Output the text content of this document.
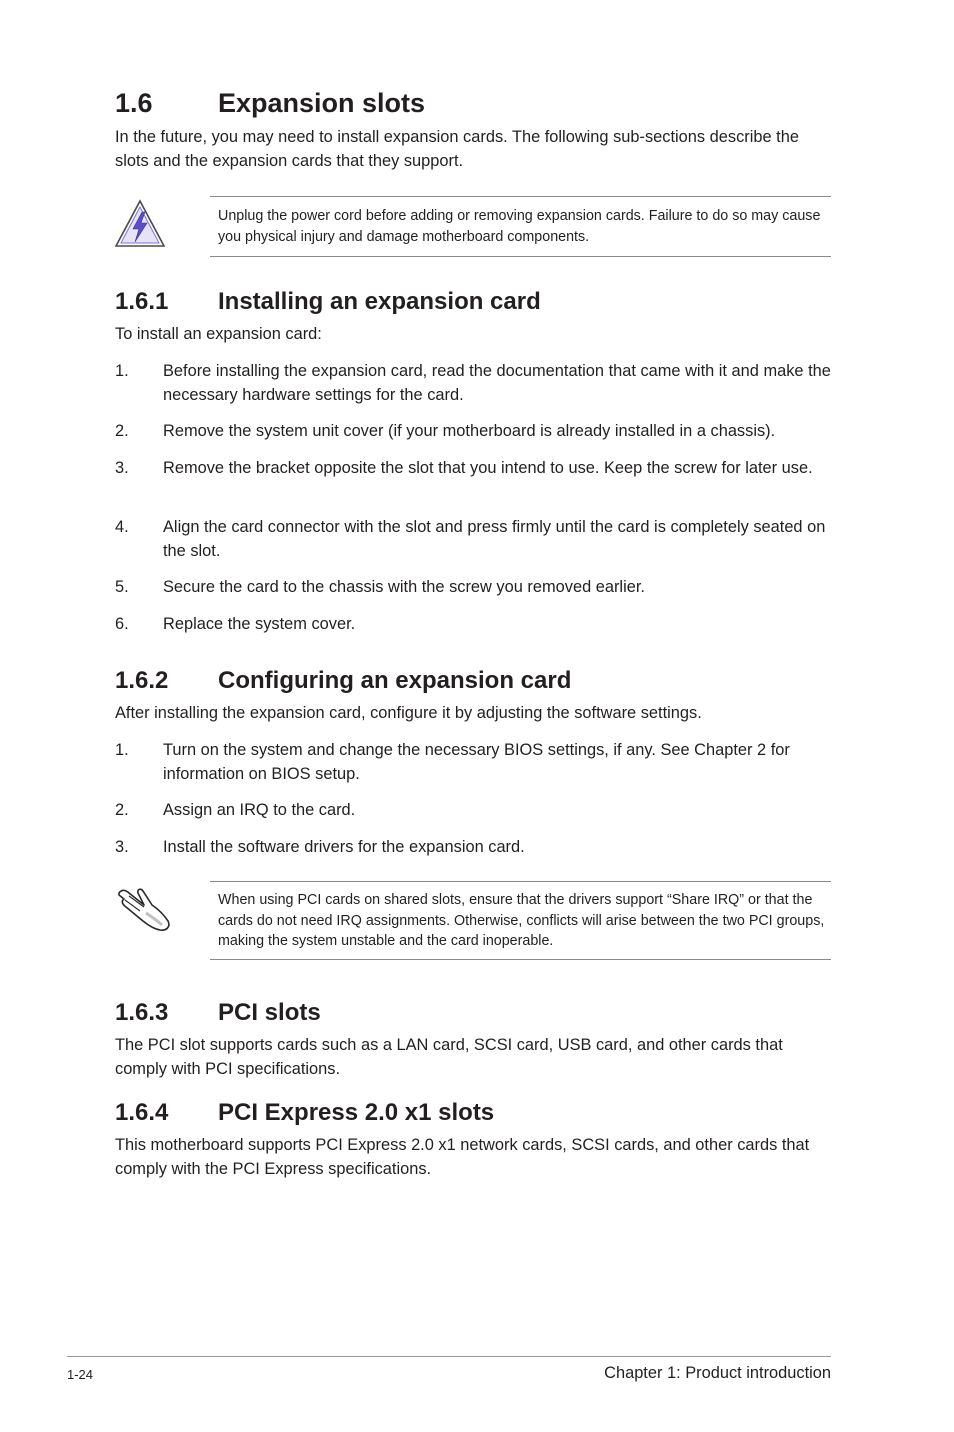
1.6 Expansion slots

In the future, you may need to install expansion cards. The following sub-sections describe the slots and the expansion cards that they support.

Unplug the power cord before adding or removing expansion cards. Failure to do so may cause you physical injury and damage motherboard components.

1.6.1 Installing an expansion card

To install an expansion card:

1. Before installing the expansion card, read the documentation that came with it and make the necessary hardware settings for the card.
2. Remove the system unit cover (if your motherboard is already installed in a chassis).
3. Remove the bracket opposite the slot that you intend to use. Keep the screw for later use.
4. Align the card connector with the slot and press firmly until the card is completely seated on the slot.
5. Secure the card to the chassis with the screw you removed earlier.
6. Replace the system cover.
1.6.2 Configuring an expansion card

After installing the expansion card, configure it by adjusting the software settings.

1. Turn on the system and change the necessary BIOS settings, if any. See Chapter 2 for information on BIOS setup.
2. Assign an IRQ to the card.
3. Install the software drivers for the expansion card.

When using PCI cards on shared slots, ensure that the drivers support “Share IRQ” or that the cards do not need IRQ assignments. Otherwise, conflicts will arise between the two PCI groups, making the system unstable and the card inoperable.

1.6.3 PCI slots

The PCI slot supports cards such as a LAN card, SCSI card, USB card, and other cards that comply with PCI specifications.

1.6.4 PCI Express 2.0 x1 slots

This motherboard supports PCI Express 2.0 x1 network cards, SCSI cards, and other cards that comply with the PCI Express specifications.

1-24	Chapter 1: Product introduction
